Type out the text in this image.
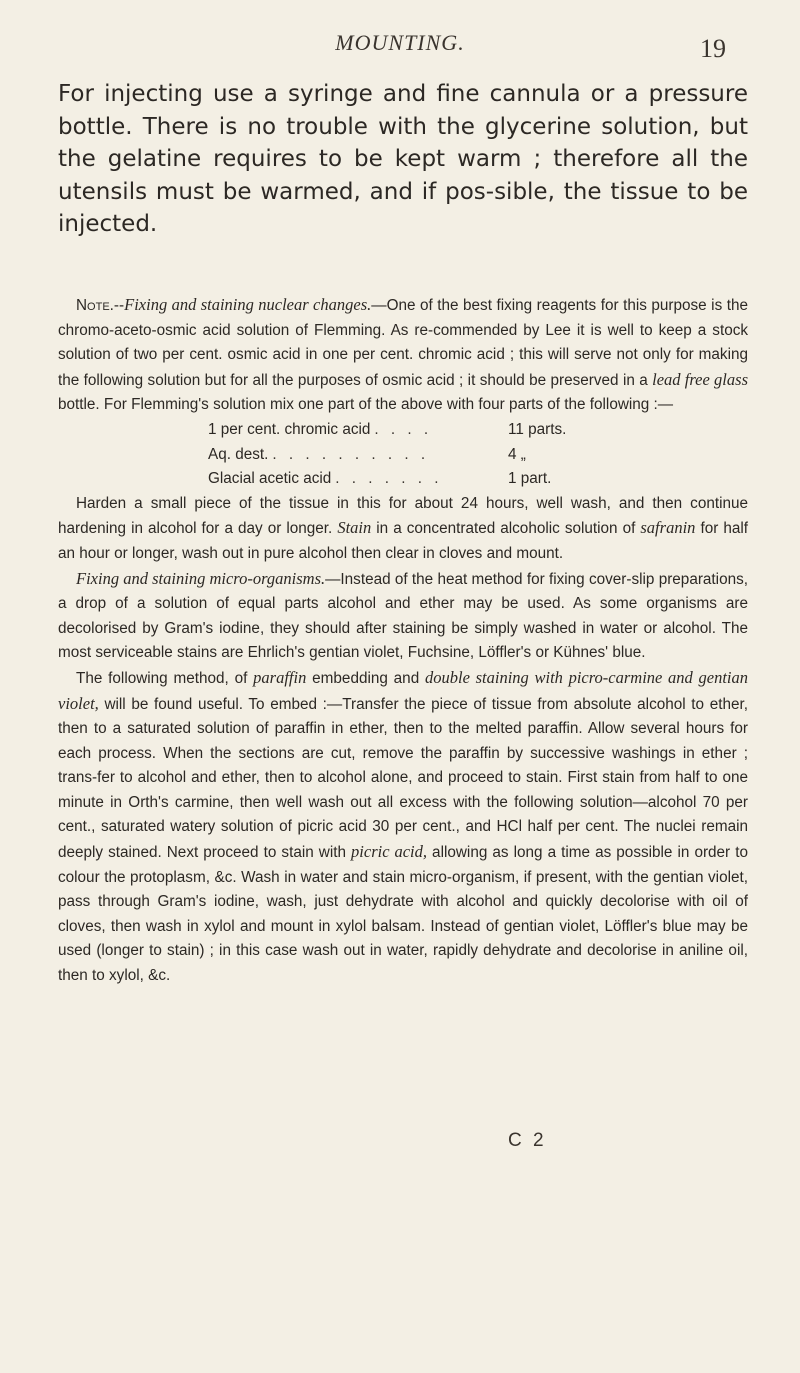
MOUNTING.	19

For injecting use a syringe and fine cannula or a pressure bottle. There is no trouble with the glycerine solution, but the gelatine requires to be kept warm ; therefore all the utensils must be warmed, and if pos-sible, the tissue to be injected.

Note.--Fixing and staining nuclear changes.—One of the best fixing reagents for this purpose is the chromo-aceto-osmic acid solution of Flemming. As re-commended by Lee it is well to keep a stock solution of two per cent. osmic acid in one per cent. chromic acid ; this will serve not only for making the following solution but for all the purposes of osmic acid ; it should be preserved in a lead free glass bottle. For Flemming's solution mix one part of the above with four parts of the following :—

1 per cent. chromic acid . . . .	11 parts.
Aq. dest. . . . . . . . . . .	4 „
Glacial acetic acid . . . . . . .	1 part.

Harden a small piece of the tissue in this for about 24 hours, well wash, and then continue hardening in alcohol for a day or longer. Stain in a concentrated alcoholic solution of safranin for half an hour or longer, wash out in pure alcohol then clear in cloves and mount.

Fixing and staining micro-organisms.—Instead of the heat method for fixing cover-slip preparations, a drop of a solution of equal parts alcohol and ether may be used. As some organisms are decolorised by Gram's iodine, they should after staining be simply washed in water or alcohol. The most serviceable stains are Ehrlich's gentian violet, Fuchsine, Löffler's or Kühnes' blue.

The following method, of paraffin embedding and double staining with picro-carmine and gentian violet, will be found useful. To embed :—Transfer the piece of tissue from absolute alcohol to ether, then to a saturated solution of paraffin in ether, then to the melted paraffin. Allow several hours for each process. When the sections are cut, remove the paraffin by successive washings in ether ; trans-fer to alcohol and ether, then to alcohol alone, and proceed to stain. First stain from half to one minute in Orth's carmine, then well wash out all excess with the following solution—alcohol 70 per cent., saturated watery solution of picric acid 30 per cent., and HCl half per cent. The nuclei remain deeply stained. Next proceed to stain with picric acid, allowing as long a time as possible in order to colour the protoplasm, &c. Wash in water and stain micro-organism, if present, with the gentian violet, pass through Gram's iodine, wash, just dehydrate with alcohol and quickly decolorise with oil of cloves, then wash in xylol and mount in xylol balsam. Instead of gentian violet, Löffler's blue may be used (longer to stain) ; in this case wash out in water, rapidly dehydrate and decolorise in aniline oil, then to xylol, &c.

C 2
